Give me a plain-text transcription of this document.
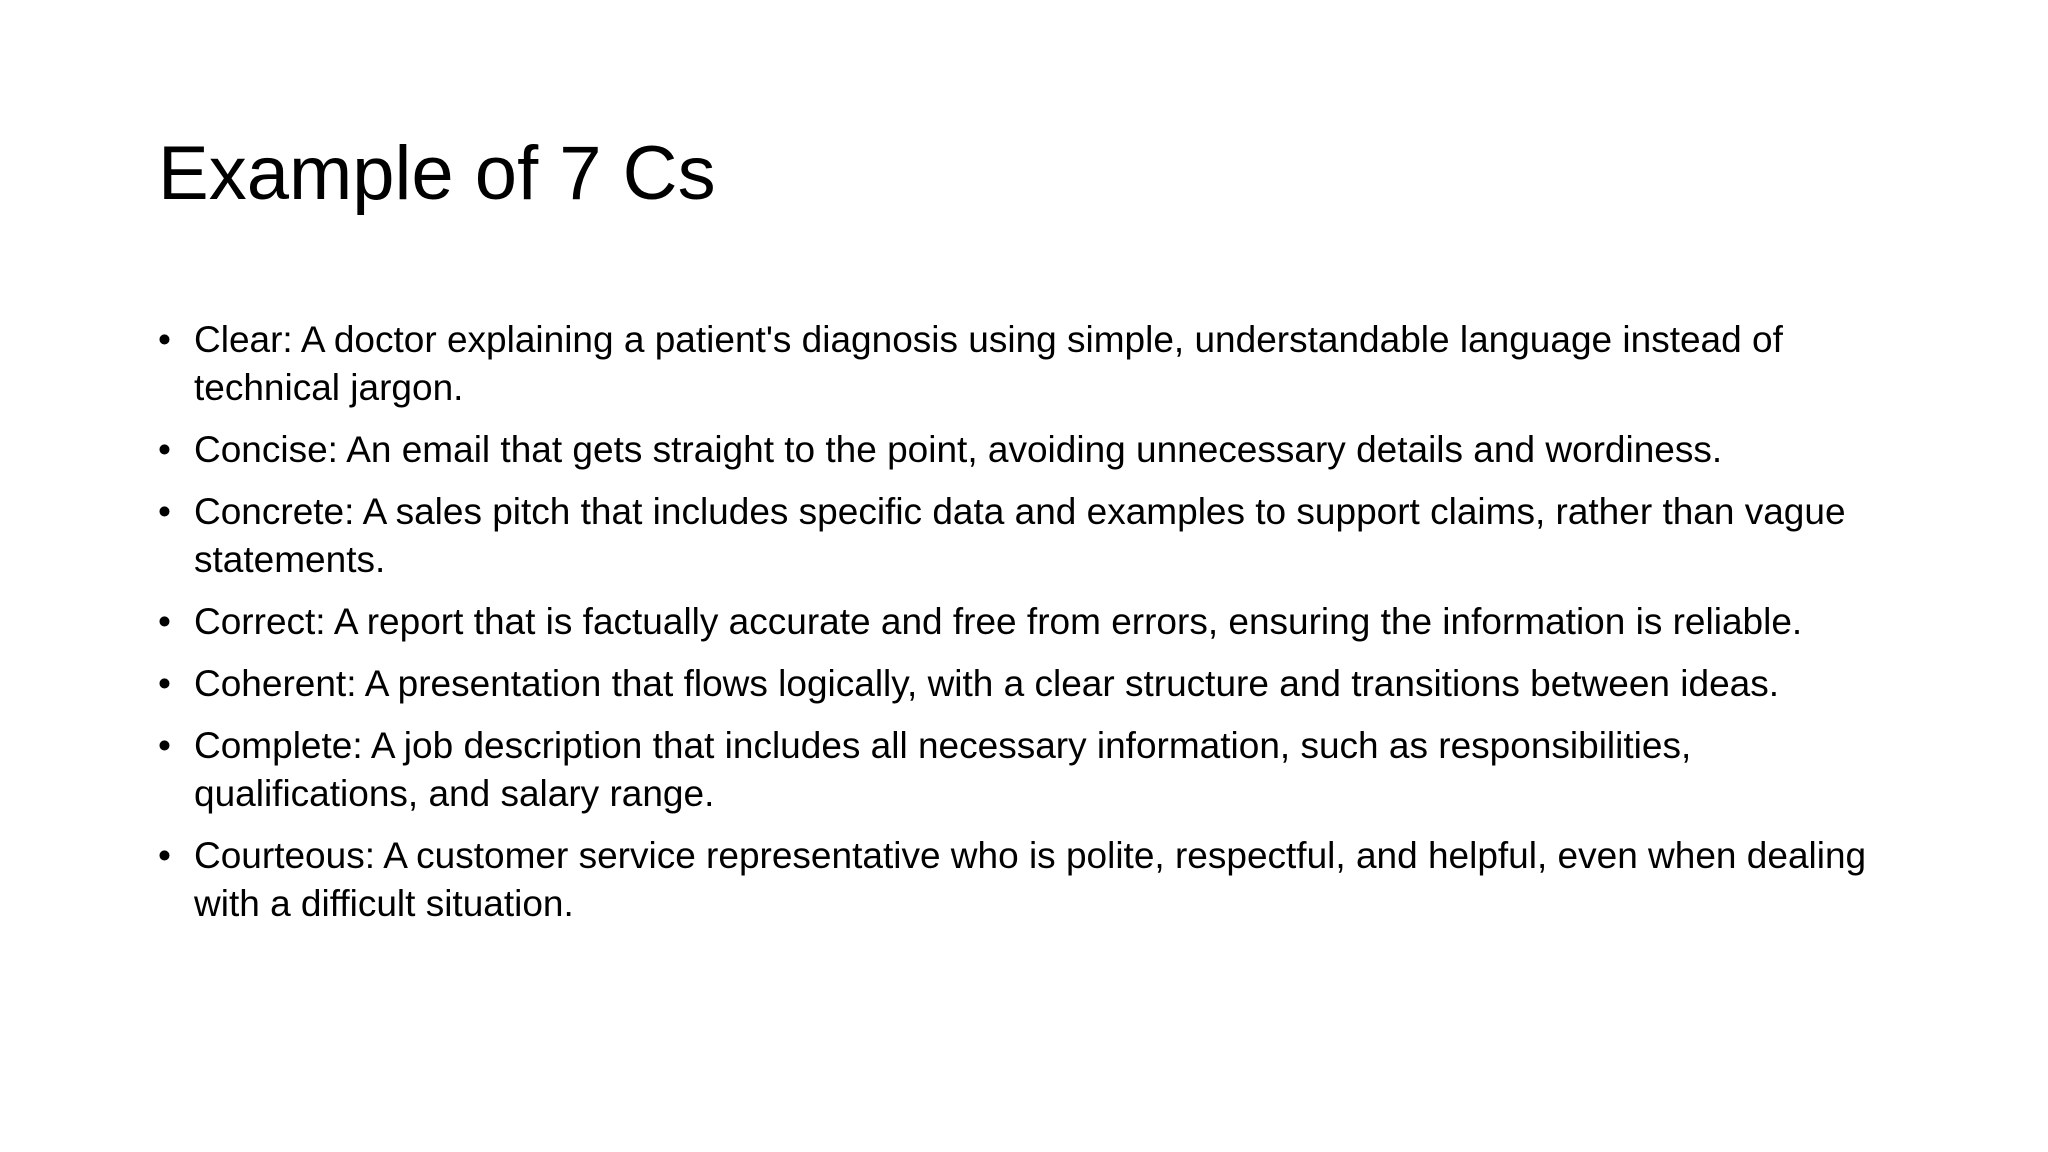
Example of 7 Cs
• Clear: A doctor explaining a patient's diagnosis using simple, understandable language instead of technical jargon.
• Concise: An email that gets straight to the point, avoiding unnecessary details and wordiness.
• Concrete: A sales pitch that includes specific data and examples to support claims, rather than vague statements.
• Correct: A report that is factually accurate and free from errors, ensuring the information is reliable.
• Coherent: A presentation that flows logically, with a clear structure and transitions between ideas.
• Complete: A job description that includes all necessary information, such as responsibilities, qualifications, and salary range.
• Courteous: A customer service representative who is polite, respectful, and helpful, even when dealing with a difficult situation.
